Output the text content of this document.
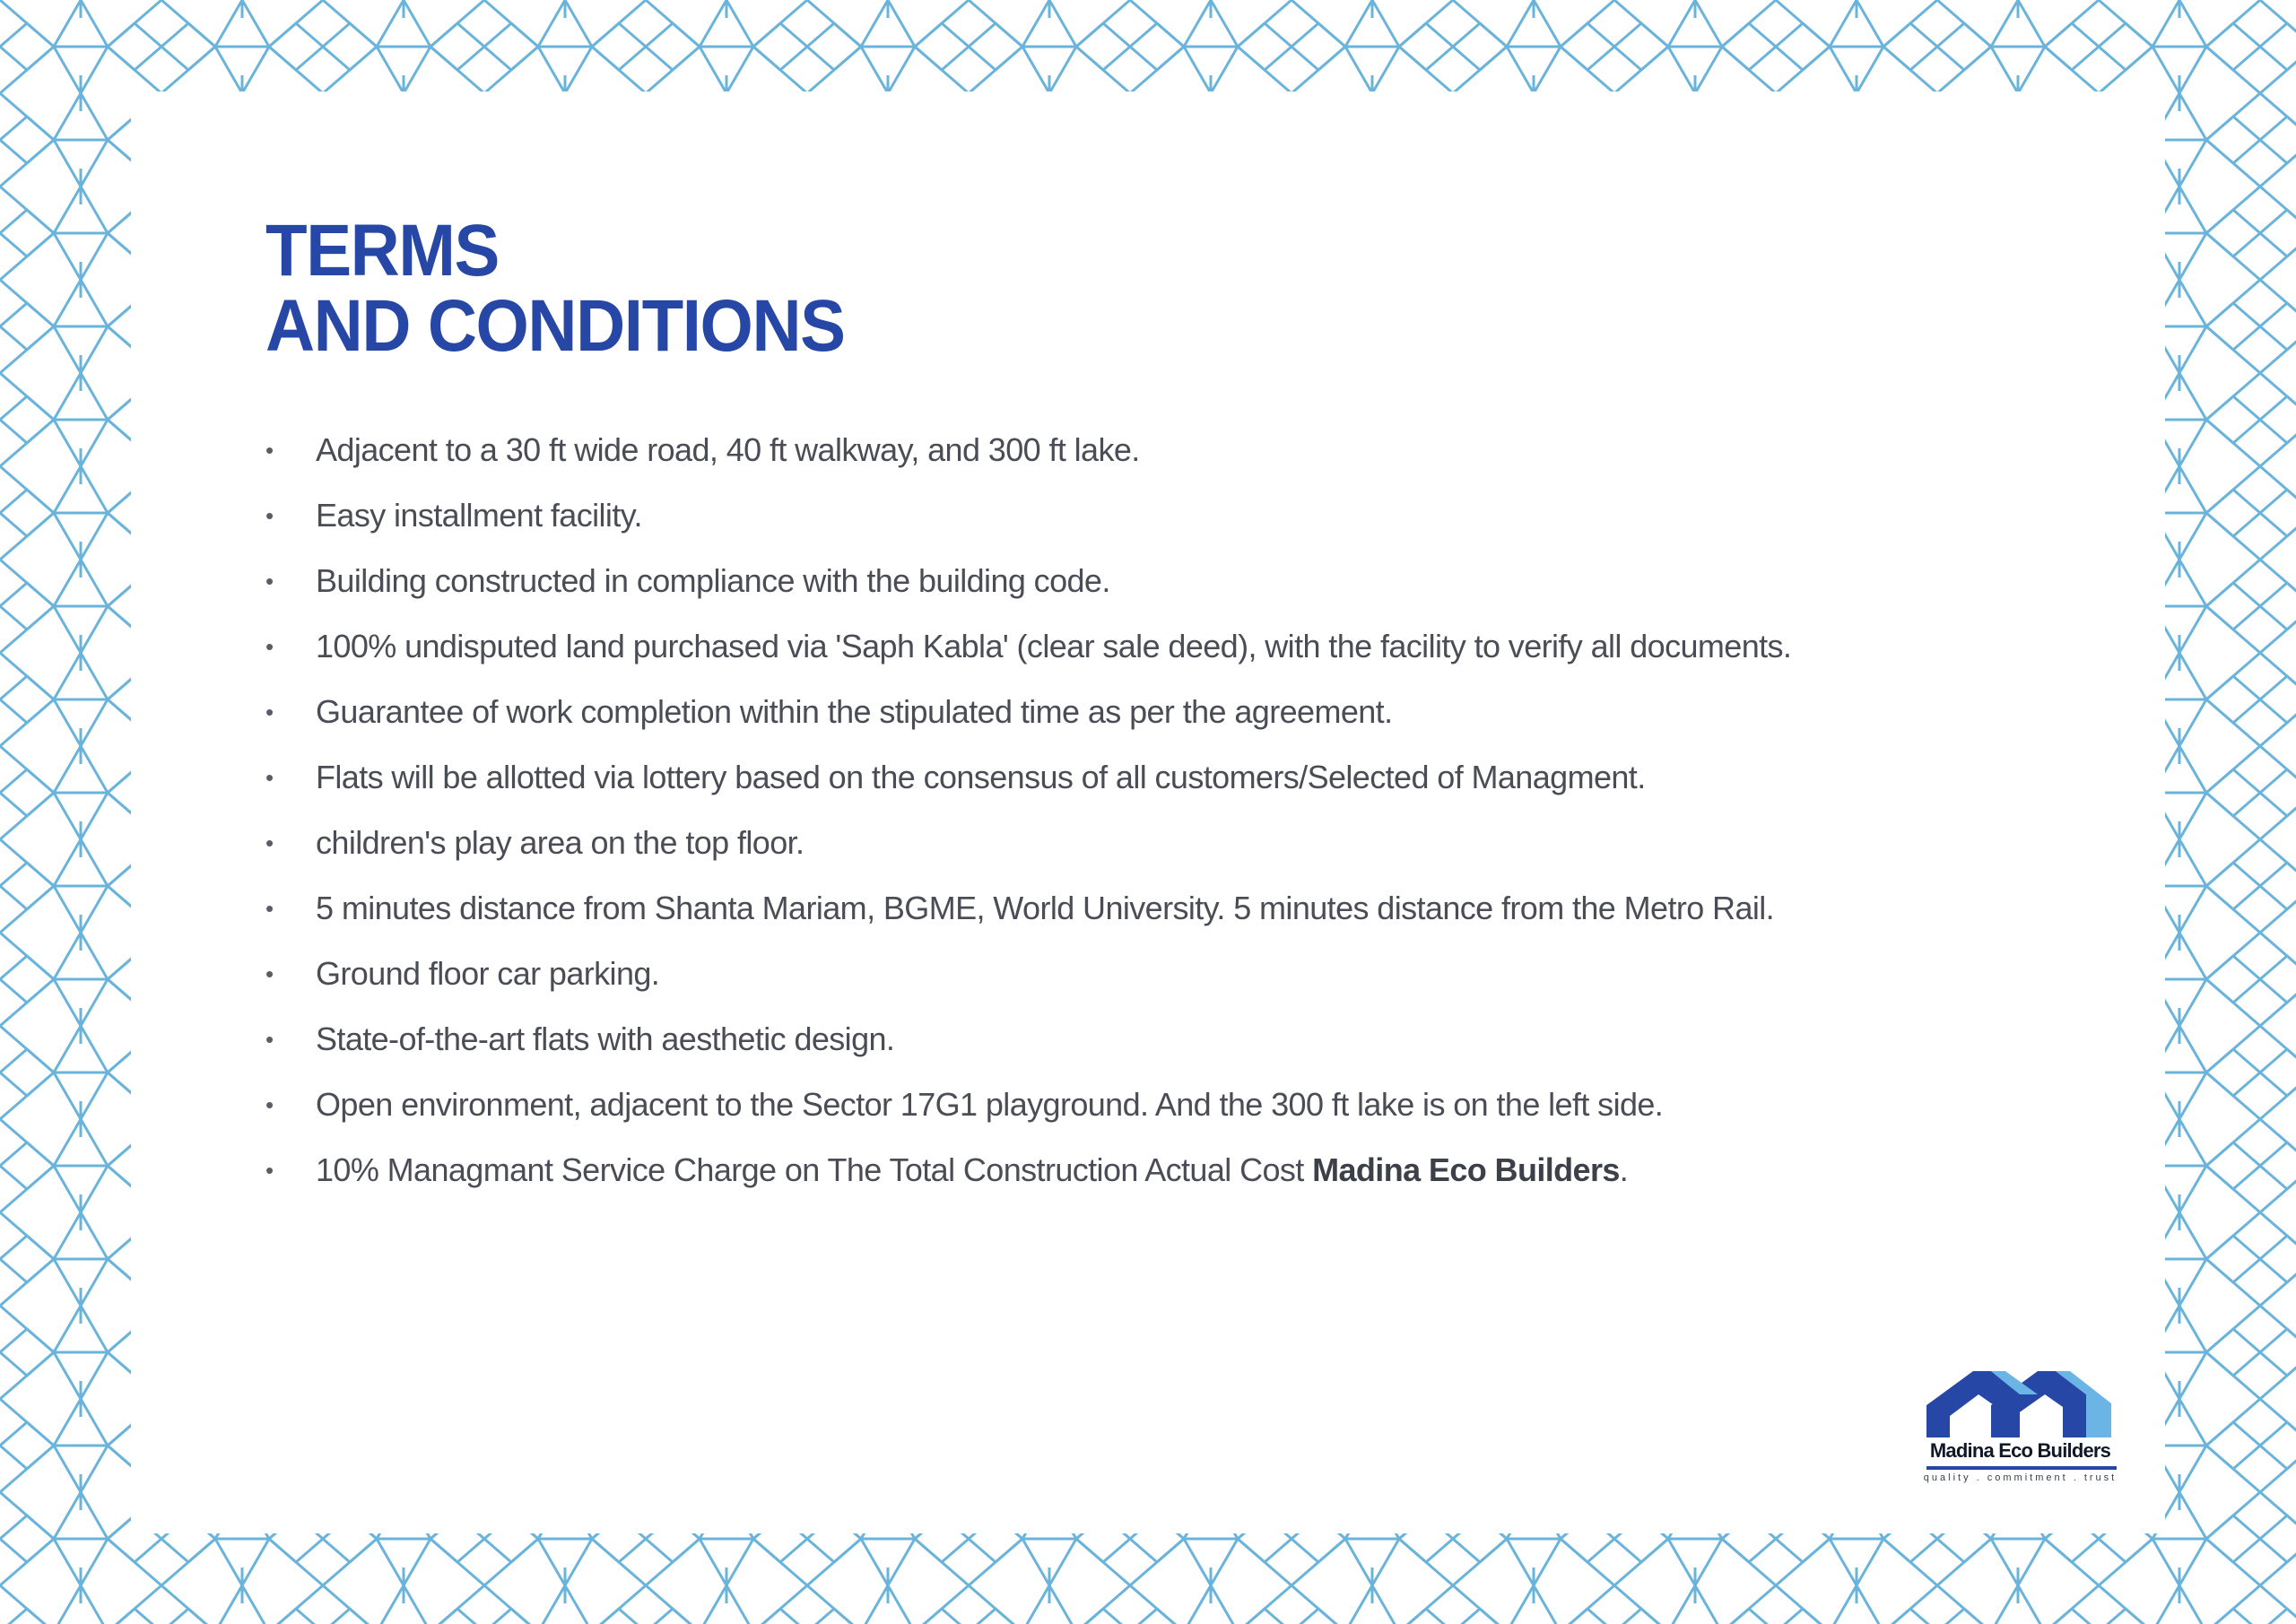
TERMS
AND CONDITIONS
•	Adjacent to a 30 ft wide road, 40 ft walkway, and 300 ft lake.
•	Easy installment facility.
•	Building constructed in compliance with the building code.
•	100% undisputed land purchased via 'Saph Kabla' (clear sale deed), with the facility to verify all documents.
•	Guarantee of work completion within the stipulated time as per the agreement.
•	Flats will be allotted via lottery based on the consensus of all customers/Selected of Managment.
•	children's play area on the top floor.
•	5 minutes distance from Shanta Mariam, BGME, World University. 5 minutes distance from the Metro Rail.
•	Ground floor car parking.
•	State-of-the-art flats with aesthetic design.
•	Open environment, adjacent to the Sector 17G1 playground. And the 300 ft lake is on the left side.
•	10% Managmant Service Charge on The Total Construction Actual Cost Madina Eco Builders.
Madina Eco Builders
quality . commitment . trust
